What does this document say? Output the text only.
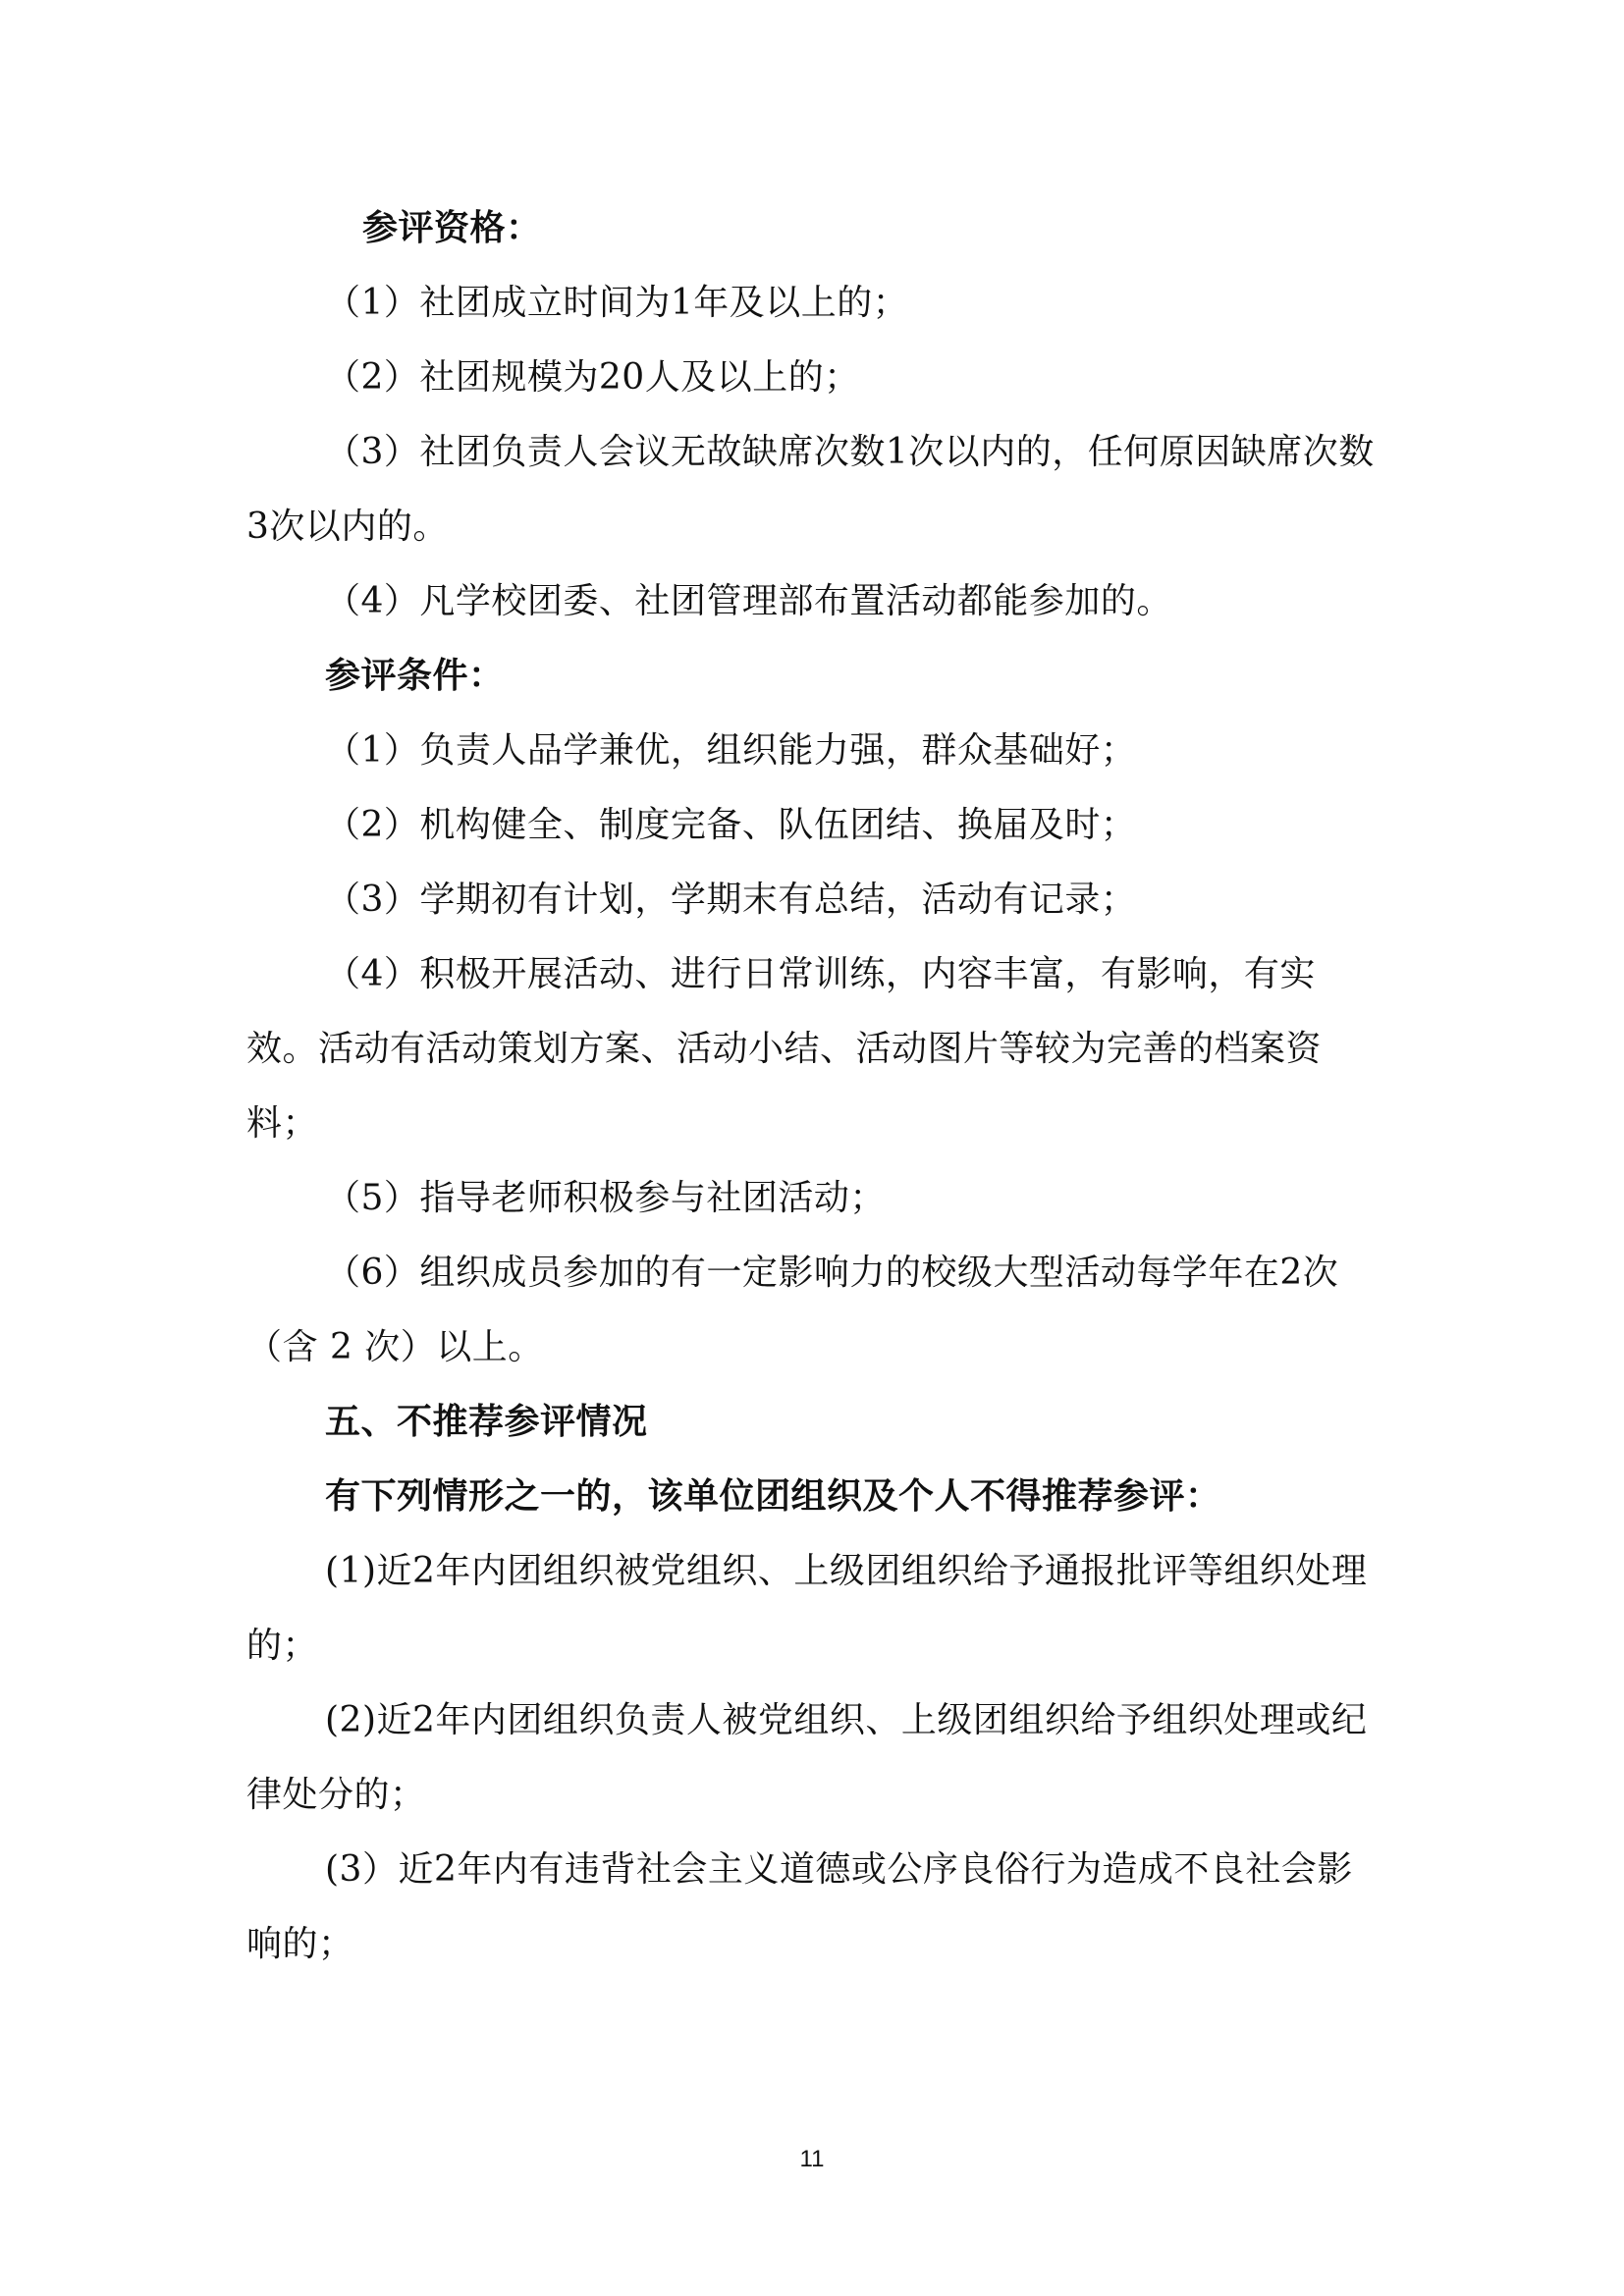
参评资格：

（1）社团成立时间为1年及以上的；

（2）社团规模为20人及以上的；

（3）社团负责人会议无故缺席次数1次以内的，任何原因缺席次数3次以内的。

（4）凡学校团委、社团管理部布置活动都能参加的。

参评条件：

（1）负责人品学兼优，组织能力强，群众基础好；

（2）机构健全、制度完备、队伍团结、换届及时；

（3）学期初有计划，学期末有总结，活动有记录；

（4）积极开展活动、进行日常训练，内容丰富，有影响，有实效。活动有活动策划方案、活动小结、活动图片等较为完善的档案资料；

（5）指导老师积极参与社团活动；

（6）组织成员参加的有一定影响力的校级大型活动每学年在2次（含 2 次）以上。

五、不推荐参评情况

有下列情形之一的，该单位团组织及个人不得推荐参评：

(1)近2年内团组织被党组织、上级团组织给予通报批评等组织处理的；

(2)近2年内团组织负责人被党组织、上级团组织给予组织处理或纪律处分的；

(3）近2年内有违背社会主义道德或公序良俗行为造成不良社会影响的；

11
